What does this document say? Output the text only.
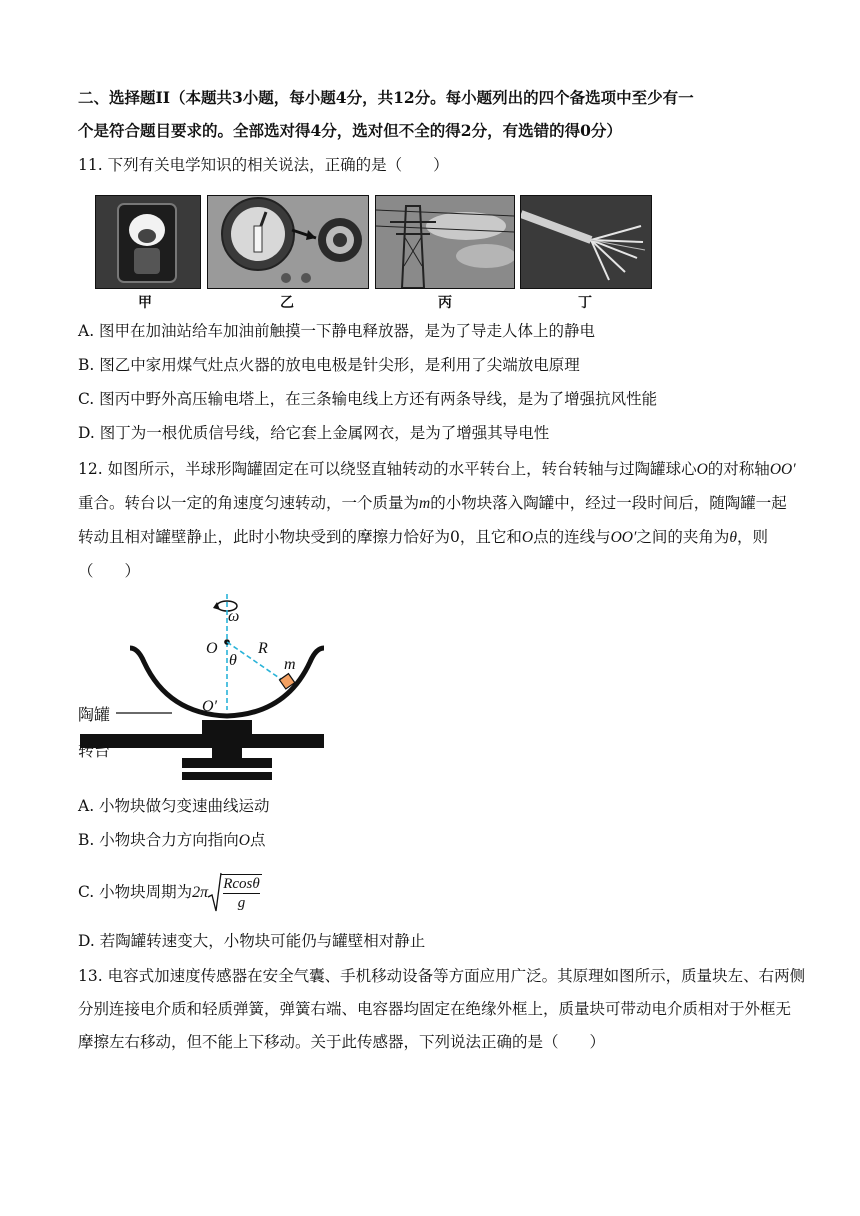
二、选择题II（本题共3小题，每小题4分，共12分。每小题列出的四个备选项中至少有一
个是符合题目要求的。全部选对得4分，选对但不全的得2分，有选错的得0分）
11. 下列有关电学知识的相关说法，正确的是（　　）
甲	乙	丙	丁
A. 图甲在加油站给车加油前触摸一下静电释放器，是为了导走人体上的静电
B. 图乙中家用煤气灶点火器的放电电极是针尖形，是利用了尖端放电原理
C. 图丙中野外高压输电塔上，在三条输电线上方还有两条导线，是为了增强抗风性能
D. 图丁为一根优质信号线，给它套上金属网衣，是为了增强其导电性
12. 如图所示，半球形陶罐固定在可以绕竖直轴转动的水平转台上，转台转轴与过陶罐球心O的对称轴OO′
重合。转台以一定的角速度匀速转动，一个质量为m的小物块落入陶罐中，经过一段时间后，随陶罐一起
转动且相对罐壁静止，此时小物块受到的摩擦力恰好为0，且它和O点的连线与OO′之间的夹角为θ，则
（　　）
ω
O
θ
R
m
O′
陶罐
转台
A. 小物块做匀变速曲线运动
B. 小物块合力方向指向O点
C. 小物块周期为$2\pi \frac{Rcos\theta}{g}$
D. 若陶罐转速变大，小物块可能仍与罐壁相对静止
13. 电容式加速度传感器在安全气囊、手机移动设备等方面应用广泛。其原理如图所示，质量块左、右两侧
分别连接电介质和轻质弹簧，弹簧右端、电容器均固定在绝缘外框上，质量块可带动电介质相对于外框无
摩擦左右移动，但不能上下移动。关于此传感器，下列说法正确的是（　　）
